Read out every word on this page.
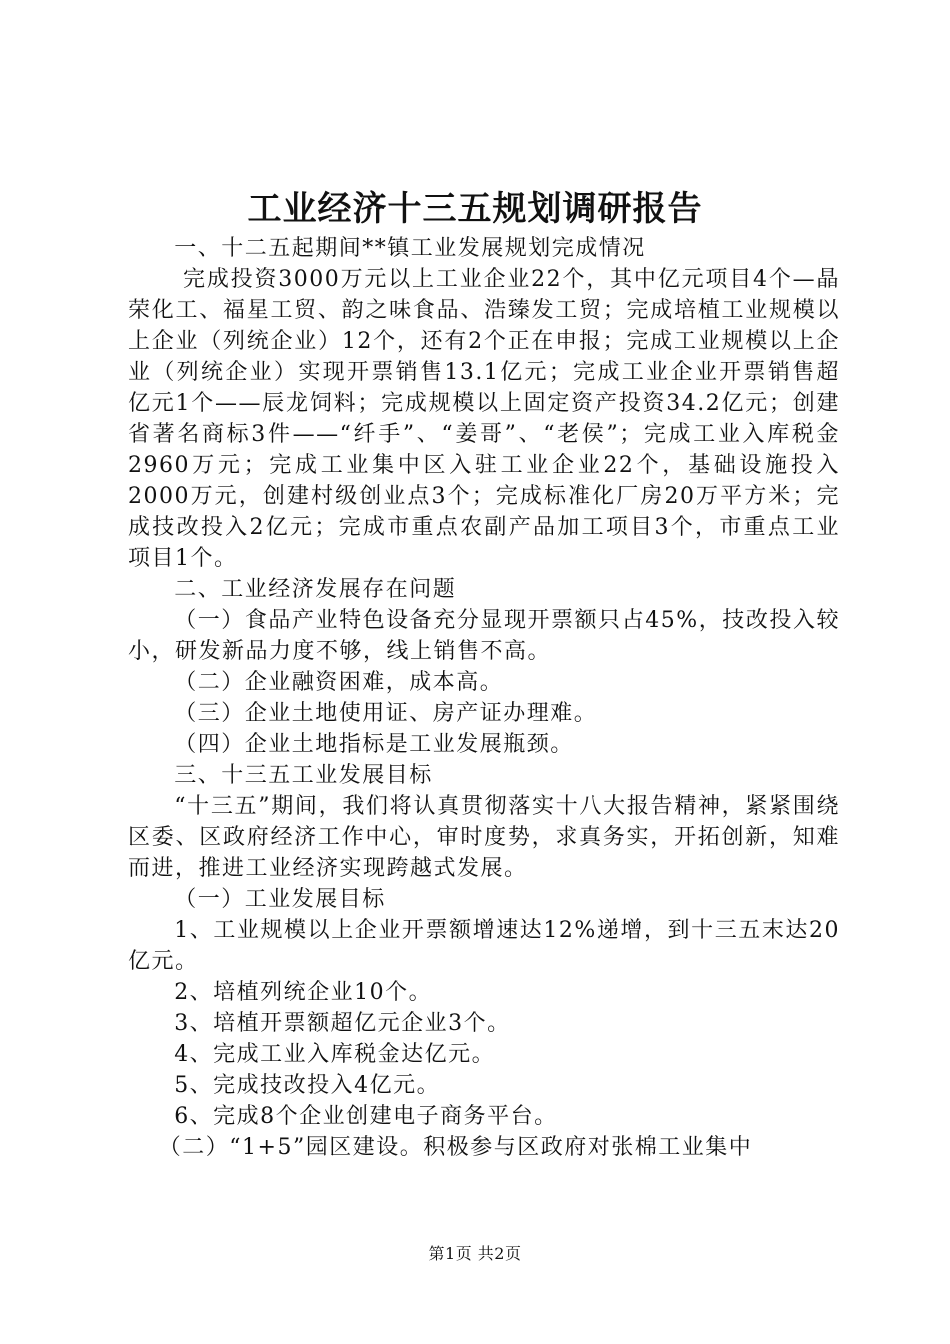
工业经济十三五规划调研报告

一、十二五起期间**镇工业发展规划完成情况

完成投资3000万元以上工业企业22个，其中亿元项目4个—晶荣化工、福星工贸、韵之味食品、浩臻发工贸；完成培植工业规模以上企业（列统企业）12个，还有2个正在申报；完成工业规模以上企业（列统企业）实现开票销售13.1亿元；完成工业企业开票销售超亿元1个——辰龙饲料；完成规模以上固定资产投资34.2亿元；创建省著名商标3件——“纤手”、“姜哥”、“老侯”；完成工业入库税金2960万元；完成工业集中区入驻工业企业22个，基础设施投入2000万元，创建村级创业点3个；完成标准化厂房20万平方米；完成技改投入2亿元；完成市重点农副产品加工项目3个，市重点工业项目1个。

二、工业经济发展存在问题

（一）食品产业特色设备充分显现开票额只占45%，技改投入较小，研发新品力度不够，线上销售不高。

（二）企业融资困难，成本高。

（三）企业土地使用证、房产证办理难。

（四）企业土地指标是工业发展瓶颈。

三、十三五工业发展目标

“十三五”期间，我们将认真贯彻落实十八大报告精神，紧紧围绕区委、区政府经济工作中心，审时度势，求真务实，开拓创新，知难而进，推进工业经济实现跨越式发展。

（一）工业发展目标

1、工业规模以上企业开票额增速达12%递增，到十三五末达20亿元。

2、培植列统企业10个。

3、培植开票额超亿元企业3个。

4、完成工业入库税金达亿元。

5、完成技改投入4亿元。

6、完成8个企业创建电子商务平台。

（二）“1+5”园区建设。积极参与区政府对张棉工业集中

第1页 共2页
